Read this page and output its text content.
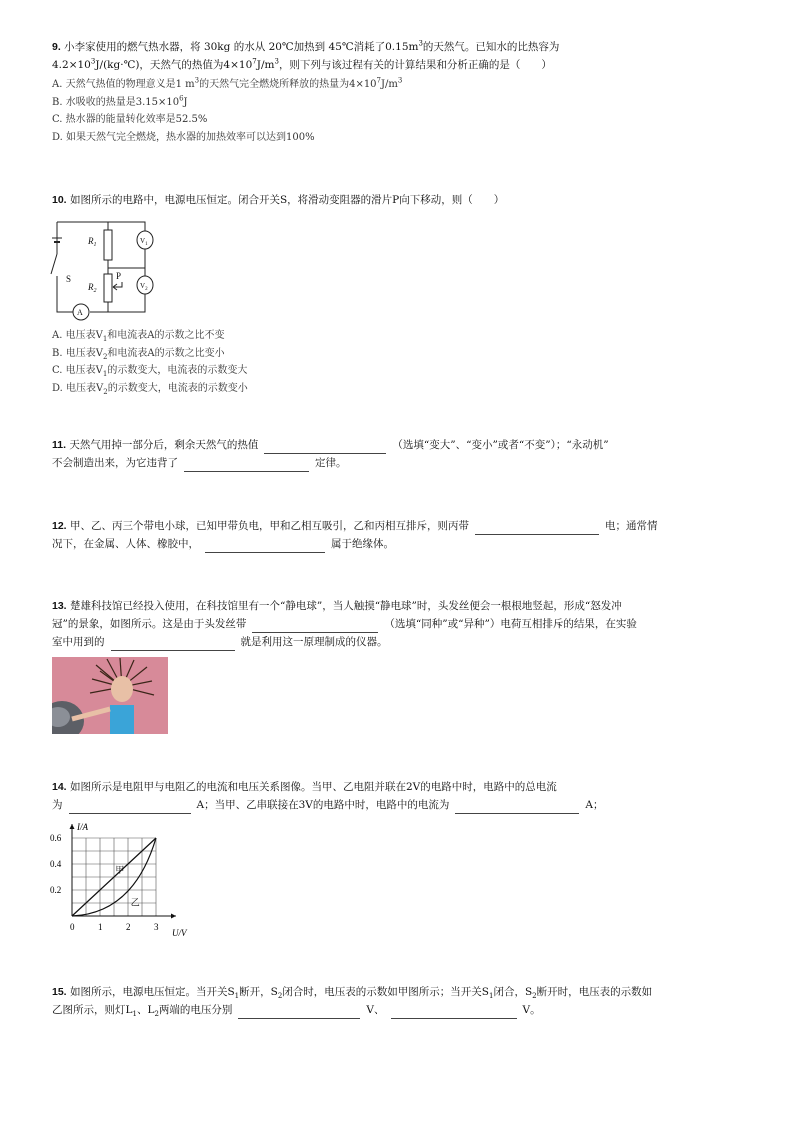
9. 小李家使用的燃气热水器，将 30kg 的水从 20℃加热到 45℃消耗了$0.15m^3$的天然气。已知水的比热容为
$4.2\times 10^3J/(kg\cdot℃)$，天然气的热值为$4\times 10^7J/m^3$，则下列与该过程有关的计算结果和分析正确的是（　　）
A. 天然气热值的物理意义是1 $m^3$的天然气完全燃烧所释放的热量为$4\times 10^7J/m^3$
B. 水吸收的热量是$3.15\times 10^6J$
C. 热水器的能量转化效率是52.5%
D. 如果天然气完全燃烧，热水器的加热效率可以达到100%
10. 如图所示的电路中，电源电压恒定。闭合开关S，将滑动变阻器的滑片P向下移动，则（　　）
$R_1$
$R_2$
P
S
A
$V_1$
$V_2$
A. 电压表$V_1$和电流表A的示数之比不变
B. 电压表$V_2$和电流表A的示数之比变小
C. 电压表$V_1$的示数变大，电流表的示数变大
D. 电压表$V_2$的示数变大，电流表的示数变小
11. 天然气用掉一部分后，剩余天然气的热值	（选填“变大”、“变小”或者“不变”）；“永动机”
不会制造出来，为它违背了	定律。
12. 甲、乙、丙三个带电小球，已知甲带负电，甲和乙相互吸引，乙和丙相互排斥，则丙带	电；通常情
况下，在金属、人体、橡胶中，	属于绝缘体。
13. 楚雄科技馆已经投入使用，在科技馆里有一个“静电球”，当人触摸“静电球”时，头发丝便会一根根地竖起，形成“怒发冲
冠”的景象，如图所示。这是由于头发丝带	（选填“同种”或“异种”）电荷互相排斥的结果，在实验
室中用到的	就是利用这一原理制成的仪器。
14. 如图所示是电阻甲与电阻乙的电流和电压关系图像。当甲、乙电阻并联在2V的电路中时，电路中的总电流
为	A；当甲、乙串联接在3V的电路中时，电路中的电流为	A；
I/A
U/V
0	1	2	3
0.2
0.4
0.6
甲
乙
15. 如图所示，电源电压恒定。当开关$S_1$断开，$S_2$闭合时，电压表的示数如甲图所示；当开关$S_1$闭合，$S_2$断开时，电压表的示数如
乙图所示，则灯$L_1$、$L_2$两端的电压分别	V、	V。
